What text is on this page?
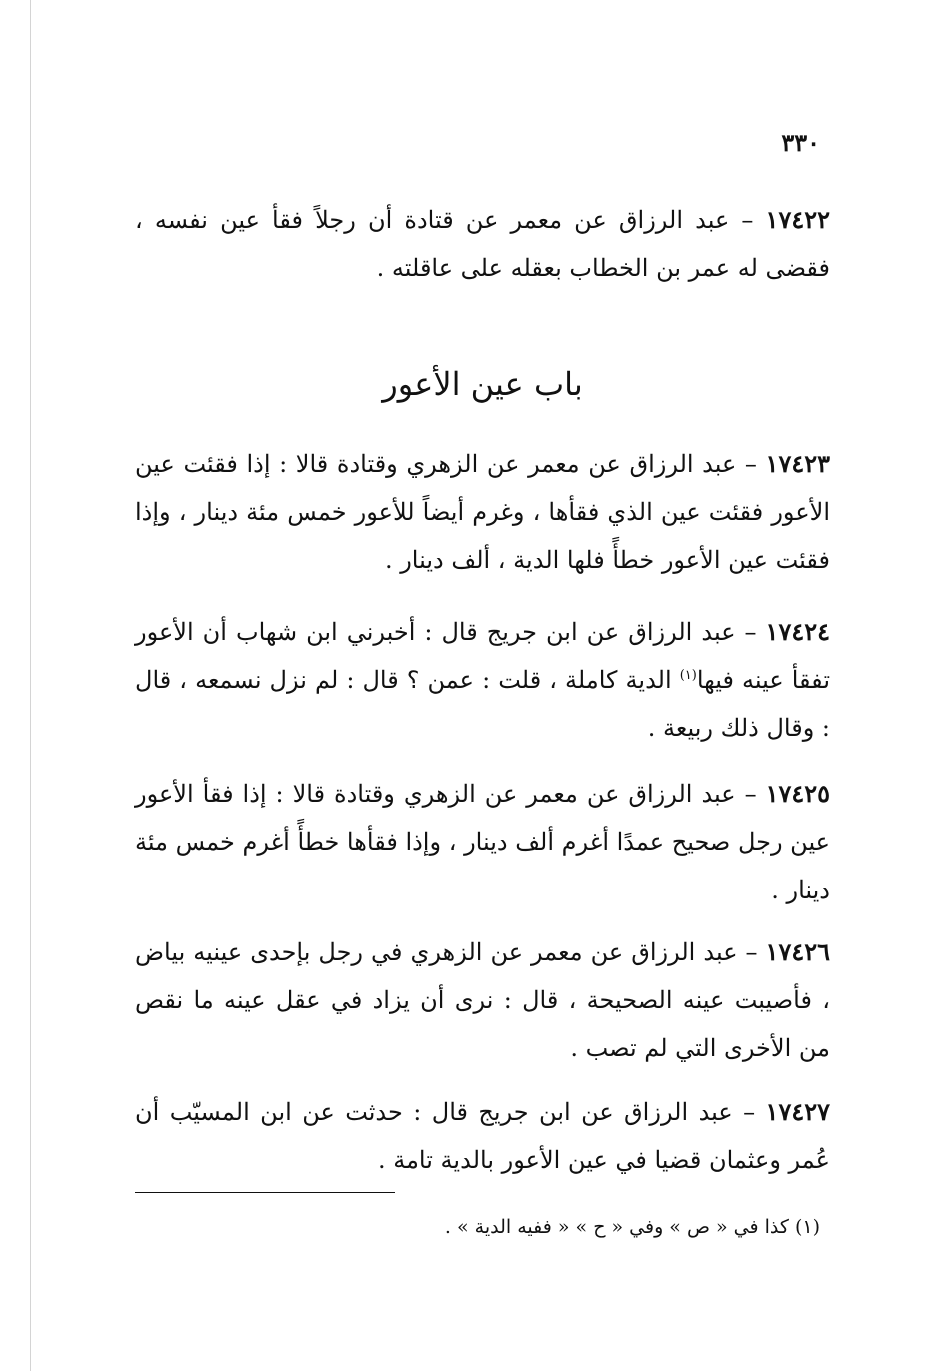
٣٣٠
١٧٤٢٢ – عبد الرزاق عن معمر عن قتادة أن رجلاً فقأ عين نفسه ، فقضى له عمر بن الخطاب بعقله على عاقلته .
باب عين الأعور
١٧٤٢٣ – عبد الرزاق عن معمر عن الزهري وقتادة قالا : إذا فقئت عين الأعور فقئت عين الذي فقأها ، وغرم أيضاً للأعور خمس مئة دينار ، وإذا فقئت عين الأعور خطأً فلها الدية ، ألف دينار .
١٧٤٢٤ – عبد الرزاق عن ابن جريج قال : أخبرني ابن شهاب أن الأعور تفقأ عينه فيها$^{(١)}$ الدية كاملة ، قلت : عمن ؟ قال : لم نزل نسمعه ، قال : وقال ذلك ربيعة .
١٧٤٢٥ – عبد الرزاق عن معمر عن الزهري وقتادة قالا : إذا فقأ الأعور عين رجل صحيح عمدًا أغرم ألف دينار ، وإذا فقأها خطأً أغرم خمس مئة دينار .
١٧٤٢٦ – عبد الرزاق عن معمر عن الزهري في رجل بإحدى عينيه بياض ، فأصيبت عينه الصحيحة ، قال : نرى أن يزاد في عقل عينه ما نقص من الأخرى التي لم تصب .
١٧٤٢٧ – عبد الرزاق عن ابن جريج قال : حدثت عن ابن المسيّب أن عُمر وعثمان قضيا في عين الأعور بالدية تامة .
(١) كذا في « ص » وفي « ح » « ففيه الدية » .
